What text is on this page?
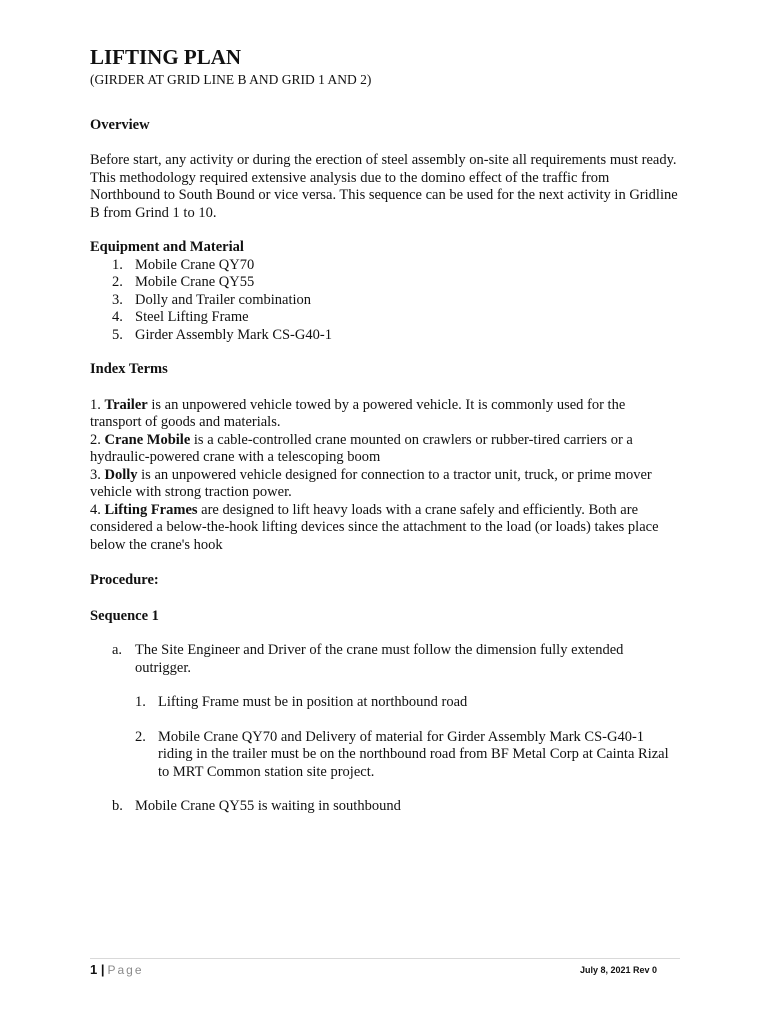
LIFTING PLAN

(GIRDER AT GRID LINE B AND GRID 1 AND 2)

Overview

Before start, any activity or during the erection of steel assembly on-site all requirements must ready. This methodology required extensive analysis due to the domino effect of the traffic from Northbound to South Bound or vice versa. This sequence can be used for the next activity in Gridline B from Grind 1 to 10.

Equipment and Material

1. Mobile Crane QY70
2. Mobile Crane QY55
3. Dolly and Trailer combination
4. Steel Lifting Frame
5. Girder Assembly Mark CS-G40-1

Index Terms

1. Trailer is an unpowered vehicle towed by a powered vehicle. It is commonly used for the transport of goods and materials.

2. Crane Mobile is a cable-controlled crane mounted on crawlers or rubber-tired carriers or a hydraulic-powered crane with a telescoping boom

3. Dolly is an unpowered vehicle designed for connection to a tractor unit, truck, or prime mover vehicle with strong traction power.

4. Lifting Frames are designed to lift heavy loads with a crane safely and efficiently. Both are considered a below-the-hook lifting devices since the attachment to the load (or loads) takes place below the crane's hook

Procedure:

Sequence 1

a. The Site Engineer and Driver of the crane must follow the dimension fully extended outrigger.
1. Lifting Frame must be in position at northbound road
2. Mobile Crane QY70 and Delivery of material for Girder Assembly Mark CS-G40-1 riding in the trailer must be on the northbound road from BF Metal Corp at Cainta Rizal to MRT Common station site project.
b. Mobile Crane QY55 is waiting in southbound
1 | Page	July 8, 2021 Rev 0
